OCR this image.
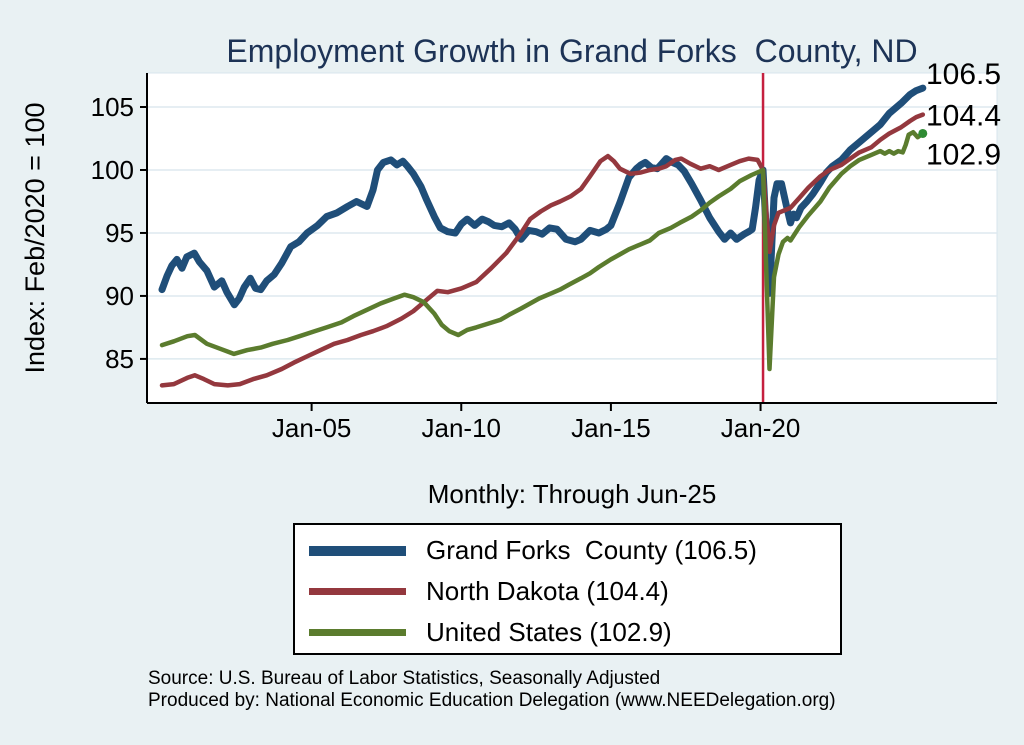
Employment Growth in Grand Forks  County, ND
85
90
95
100
105
Jan-05	Jan-10	Jan-15	Jan-20
Index: Feb/2020 = 100
106.5
104.4
102.9
Monthly: Through Jun-25
Grand Forks  County (106.5)
North Dakota (104.4)
United States (102.9)
Source: U.S. Bureau of Labor Statistics, Seasonally Adjusted
Produced by: National Economic Education Delegation (www.NEEDelegation.org)
